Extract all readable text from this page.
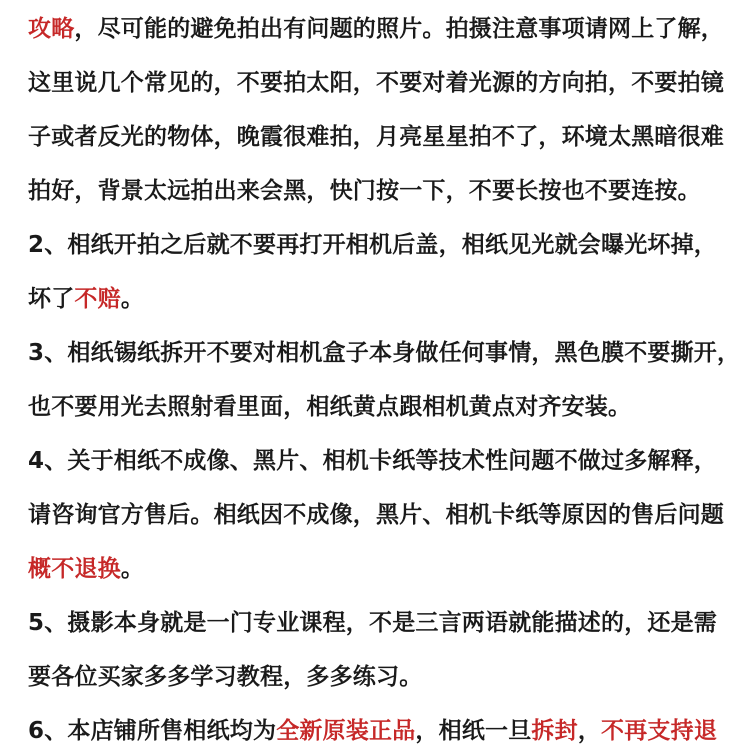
攻略，尽可能的避免拍出有问题的照片。拍摄注意事项请网上了解，
这里说几个常见的，不要拍太阳，不要对着光源的方向拍，不要拍镜
子或者反光的物体，晚霞很难拍，月亮星星拍不了，环境太黑暗很难
拍好，背景太远拍出来会黑，快门按一下，不要长按也不要连按。
2、相纸开拍之后就不要再打开相机后盖，相纸见光就会曝光坏掉，
坏了不赔。
3、相纸锡纸拆开不要对相机盒子本身做任何事情，黑色膜不要撕开，
也不要用光去照射看里面，相纸黄点跟相机黄点对齐安装。
4、关于相纸不成像、黑片、相机卡纸等技术性问题不做过多解释，
请咨询官方售后。相纸因不成像，黑片、相机卡纸等原因的售后问题
概不退换。
5、摄影本身就是一门专业课程，不是三言两语就能描述的，还是需
要各位买家多多学习教程，多多练习。
6、本店铺所售相纸均为全新原装正品，相纸一旦拆封，不再支持退
